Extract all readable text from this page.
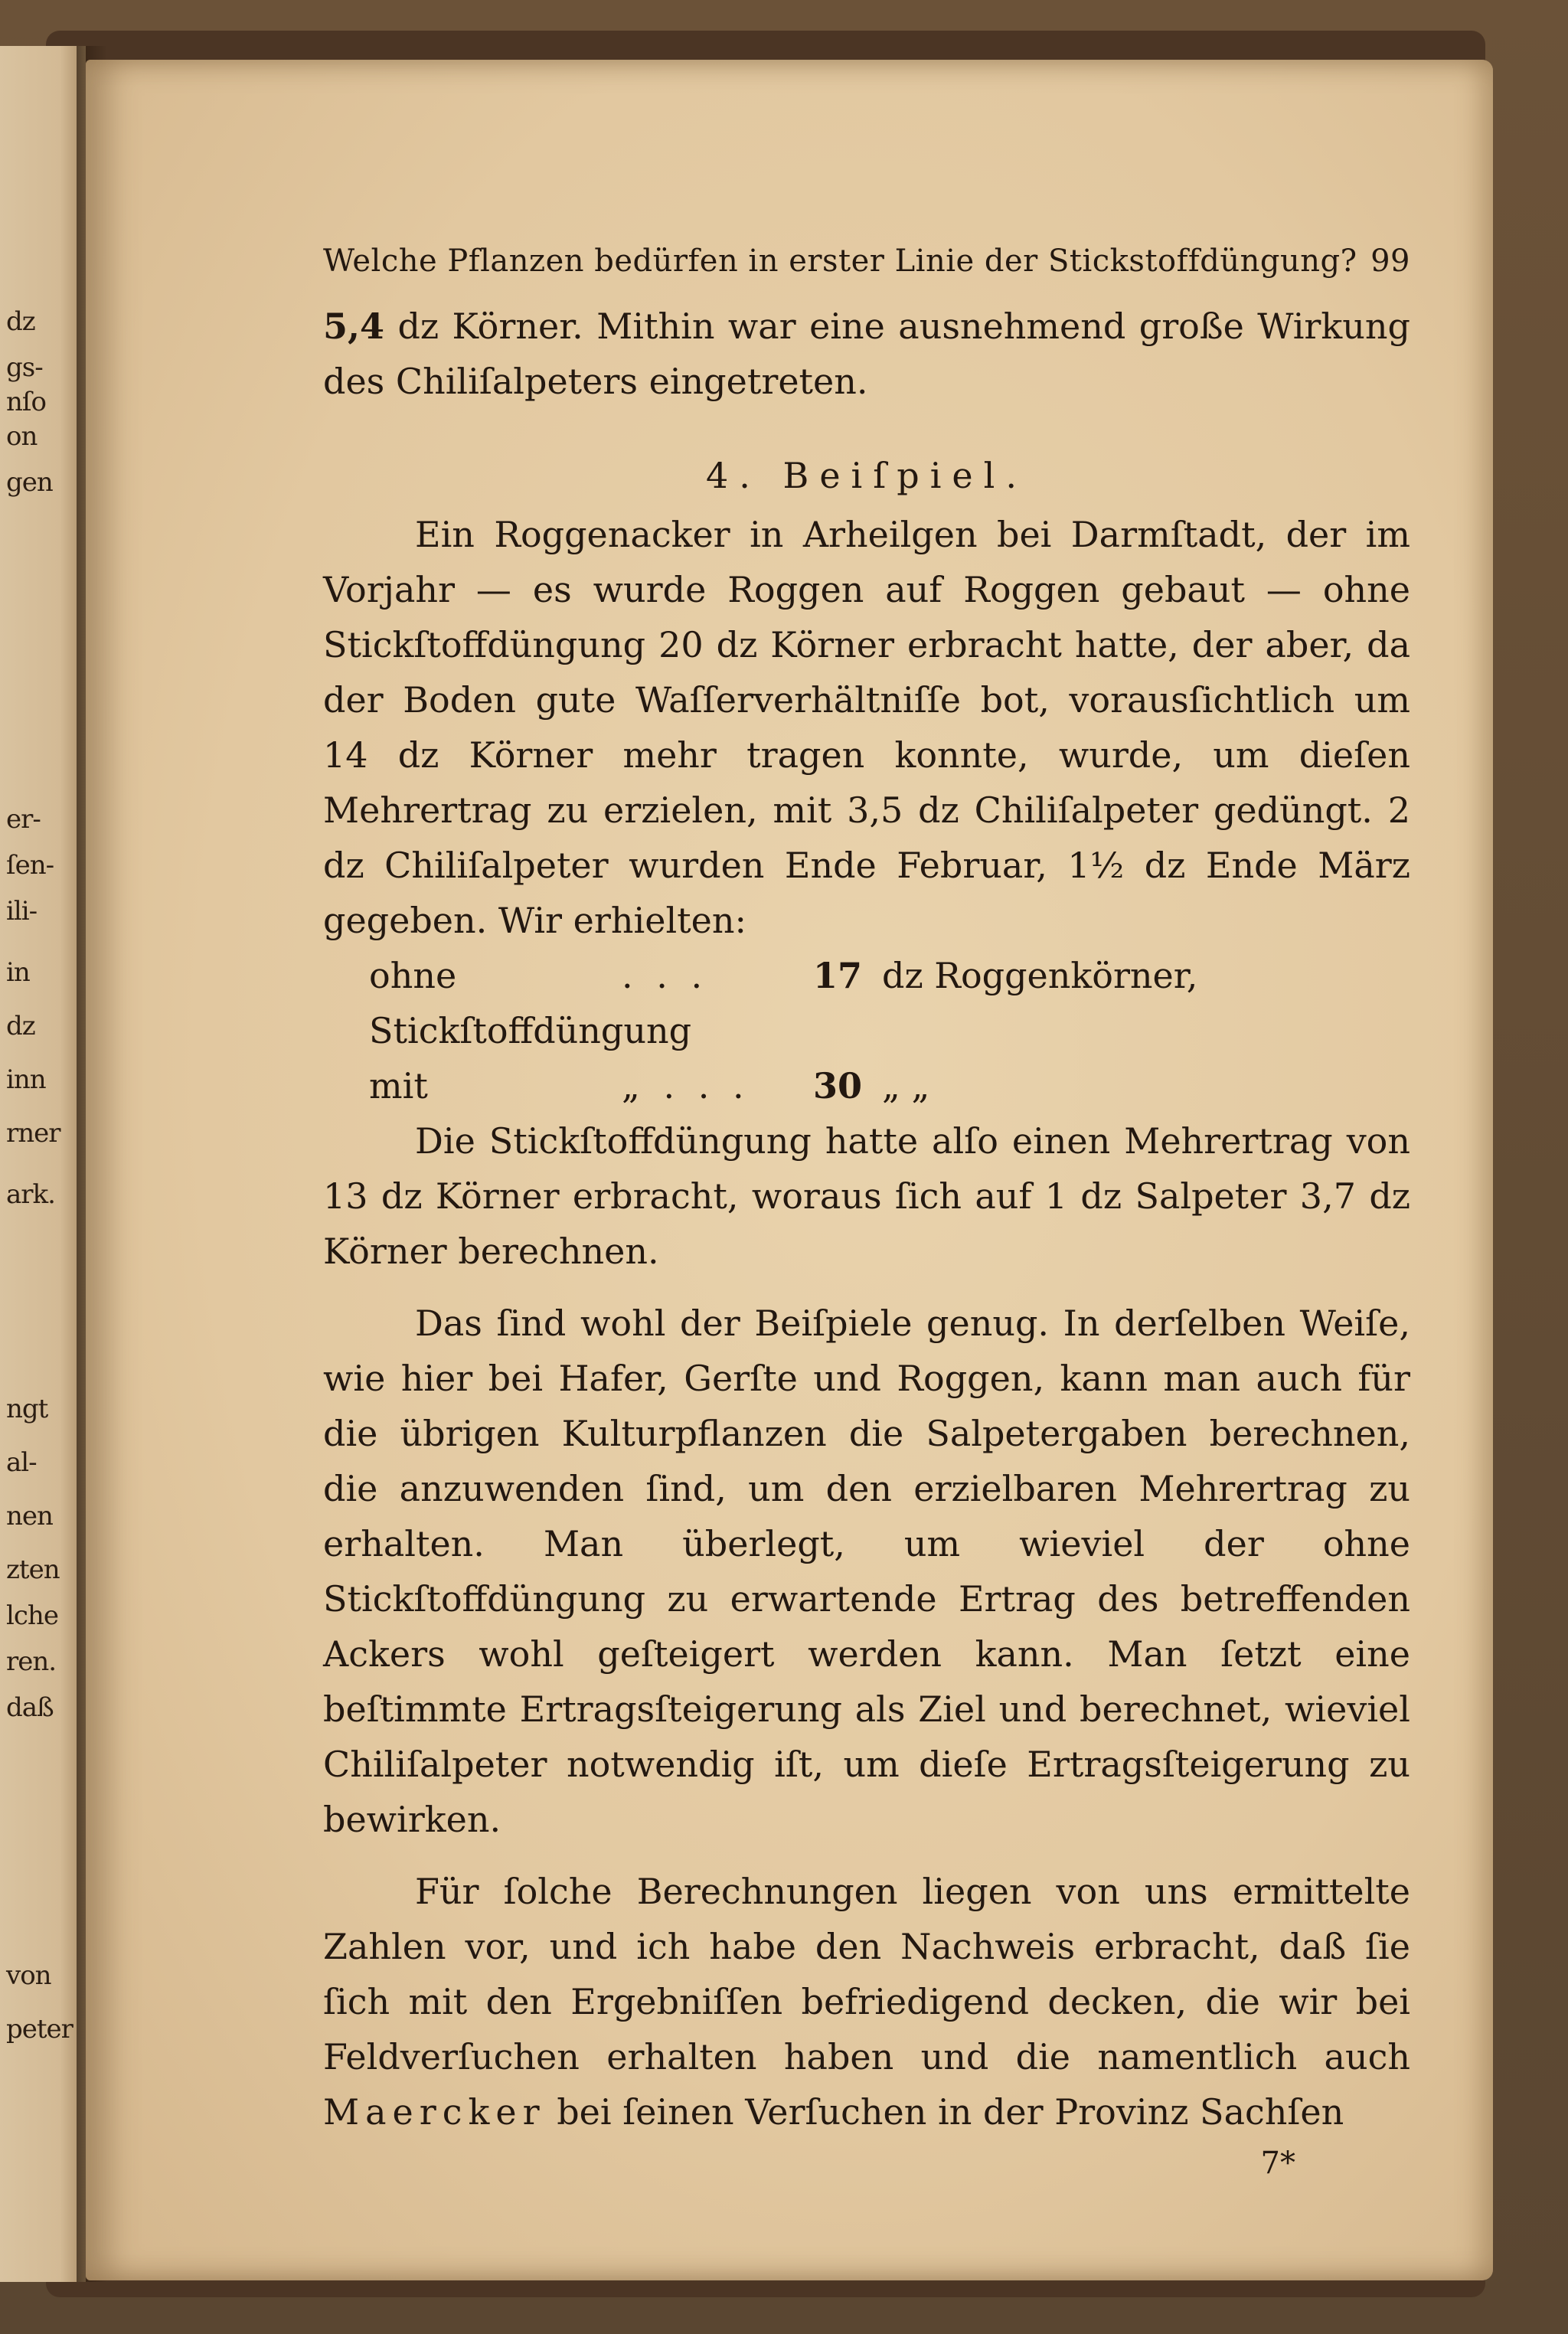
dz
gs-
nſo
on
gen
er-
ſen-
ili-
in
dz
inn
rner
ark.
ngt
al-
nen
zten
lche
ren.
daß
von
peter
Welche Pflanzen bedürfen in erster Linie der Stickstoffdüngung? 99

5,4 dz Körner. Mithin war eine ausnehmend große Wirkung des Chiliſalpeters eingetreten.

4. Beiſpiel.

Ein Roggenacker in Arheilgen bei Darmſtadt, der im Vorjahr — es wurde Roggen auf Roggen gebaut — ohne Stickſtoffdüngung 20 dz Körner erbracht hatte, der aber, da der Boden gute Waſſerverhältniſſe bot, vorausſichtlich um 14 dz Körner mehr tragen konnte, wurde, um dieſen Mehrertrag zu erzielen, mit 3,5 dz Chiliſalpeter gedüngt. 2 dz Chiliſalpeter wurden Ende Februar, 1½ dz Ende März gegeben. Wir erhielten:

ohne Stickſtoffdüngung
. . .	17 dz Roggenkörner,
mit	„ . . .	30 „ „

Die Stickſtoffdüngung hatte alſo einen Mehrertrag von 13 dz Körner erbracht, woraus ſich auf 1 dz Salpeter 3,7 dz Körner berechnen.

Das ſind wohl der Beiſpiele genug. In derſelben Weiſe, wie hier bei Hafer, Gerſte und Roggen, kann man auch für die übrigen Kulturpflanzen die Salpetergaben berechnen, die anzuwenden ſind, um den erzielbaren Mehrertrag zu erhalten. Man überlegt, um wieviel der ohne Stickſtoffdüngung zu erwartende Ertrag des betreffenden Ackers wohl geſteigert werden kann. Man ſetzt eine beſtimmte Ertragsſteigerung als Ziel und berechnet, wieviel Chiliſalpeter notwendig iſt, um dieſe Ertragsſteigerung zu bewirken.

Für ſolche Berechnungen liegen von uns ermittelte Zahlen vor, und ich habe den Nachweis erbracht, daß ſie ſich mit den Ergebniſſen befriedigend decken, die wir bei Feldverſuchen erhalten haben und die namentlich auch Maercker bei ſeinen Verſuchen in der Provinz Sachſen

7*
